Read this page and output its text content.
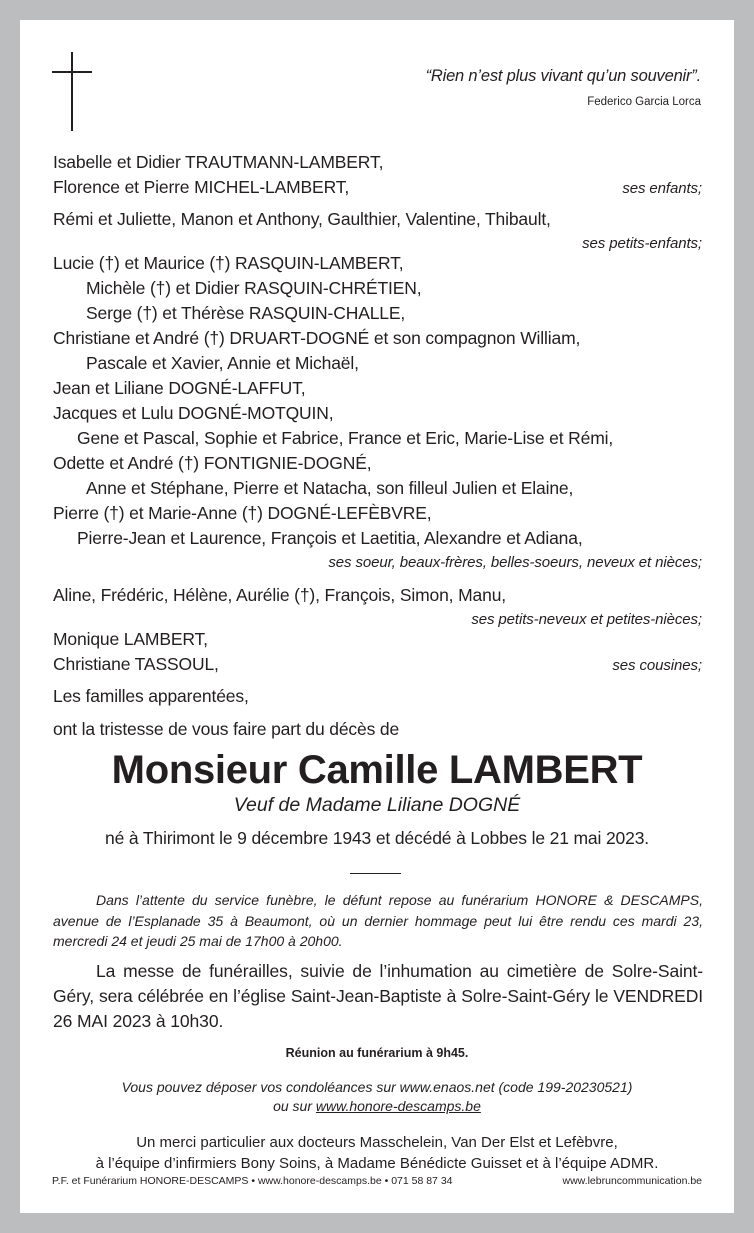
“Rien n’est plus vivant qu’un souvenir”.
Federico Garcia Lorca
Isabelle et Didier TRAUTMANN-LAMBERT,
Florence et Pierre MICHEL-LAMBERT,	ses enfants;
Rémi et Juliette, Manon et Anthony, Gaulthier, Valentine, Thibault,
ses petits-enfants;
Lucie (†) et Maurice (†) RASQUIN-LAMBERT,
Michèle (†) et Didier RASQUIN-CHRÉTIEN,
Serge (†) et Thérèse RASQUIN-CHALLE,
Christiane et André (†) DRUART-DOGNÉ et son compagnon William,
Pascale et Xavier, Annie et Michaël,
Jean et Liliane DOGNÉ-LAFFUT,
Jacques et Lulu DOGNÉ-MOTQUIN,
Gene et Pascal, Sophie et Fabrice, France et Eric, Marie-Lise et Rémi,
Odette et André (†) FONTIGNIE-DOGNÉ,
Anne et Stéphane, Pierre et Natacha, son filleul Julien et Elaine,
Pierre (†) et Marie-Anne (†) DOGNÉ-LEFÈBVRE,
Pierre-Jean et Laurence, François et Laetitia, Alexandre et Adiana,
ses soeur, beaux-frères, belles-soeurs, neveux et nièces;
Aline, Frédéric, Hélène, Aurélie (†), François, Simon, Manu,
ses petits-neveux et petites-nièces;
Monique LAMBERT,
Christiane TASSOUL,	ses cousines;
Les familles apparentées,
ont la tristesse de vous faire part du décès de
Monsieur Camille LAMBERT
Veuf de Madame Liliane DOGNÉ
né à Thirimont le 9 décembre 1943 et décédé à Lobbes le 21 mai 2023.
Dans l’attente du service funèbre, le défunt repose au funérarium HONORE & DESCAMPS, avenue de l’Esplanade 35 à Beaumont, où un dernier hommage peut lui être rendu ces mardi 23, mercredi 24 et jeudi 25 mai de 17h00 à 20h00.
La messe de funérailles, suivie de l’inhumation au cimetière de Solre-Saint-Géry, sera célébrée en l’église Saint-Jean-Baptiste à Solre-Saint-Géry le VENDREDI 26 MAI 2023 à 10h30.
Réunion au funérarium à 9h45.
Vous pouvez déposer vos condoléances sur www.enaos.net (code 199-20230521)
ou sur www.honore-descamps.be
Un merci particulier aux docteurs Masschelein, Van Der Elst et Lefèbvre,
à l’équipe d’infirmiers Bony Soins, à Madame Bénédicte Guisset et à l’équipe ADMR.
P.F. et Funérarium HONORE-DESCAMPS • www.honore-descamps.be • 071 58 87 34	www.lebruncommunication.be
